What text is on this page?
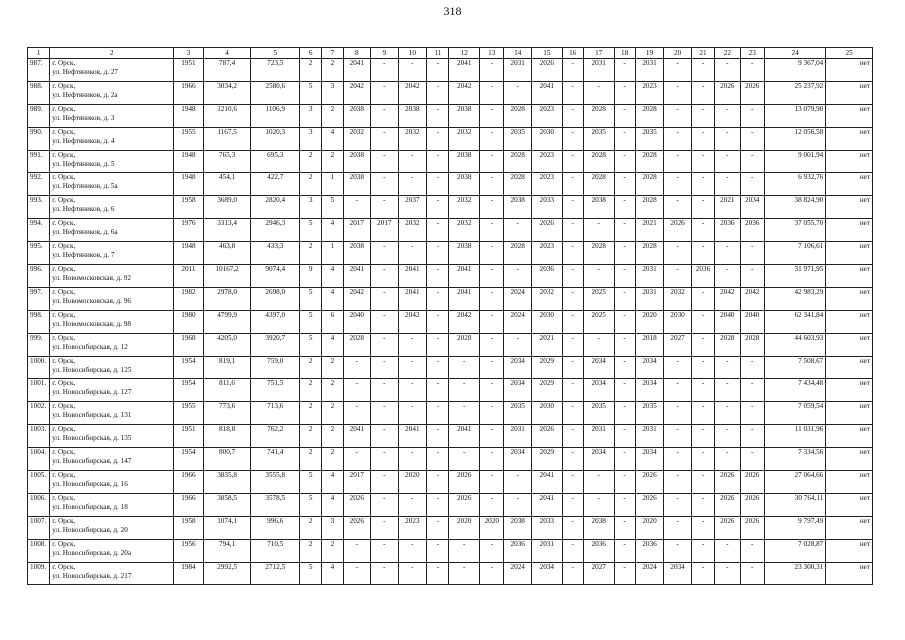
318
1	2	3	4	5	6	7	8	9	10	11	12	13	14	15	16	17	18	19	20	21	22	23	24	25
987.	г. Орск,
ул. Нефтяников, д. 27	1951	787,4	723,5	2	2	2041	-	-	-	2041	-	2031	2026	-	2031	-	2031	-	-	-	-	9 367,04	нет
988.	г. Орск,
ул. Нефтяников, д. 2а	1966	3034,2	2580,6	5	3	2042	-	2042	-	2042	-	-	2041	-	-	-	2023	-	-	2026	2026	25 237,92	нет
989.	г. Орск,
ул. Нефтяников, д. 3	1948	1210,6	1106,9	3	2	2038	-	2038	-	2038	-	2028	2023	-	2028	-	2028	-	-	-	-	13 079,90	нет
990.	г. Орск,
ул. Нефтяников, д. 4	1955	1167,5	1020,3	3	4	2032	-	2032	-	2032	-	2035	2030	-	2035	-	2035	-	-	-	-	12 056,58	нет
991.	г. Орск,
ул. Нефтяников, д. 5	1948	765,3	695,3	2	2	2038	-	-	-	2038	-	2028	2023	-	2028	-	2028	-	-	-	-	9 001,94	нет
992.	г. Орск,
ул. Нефтяников, д. 5а	1948	454,1	422,7	2	1	2038	-	-	-	2038	-	2028	2023	-	2028	-	2028	-	-	-	-	6 932,76	нет
993.	г. Орск,
ул. Нефтяников, д. 6	1958	3689,0	2820,4	3	5	-	-	2037	-	2032	-	2038	2033	-	2038	-	2028	-	-	2021	2034	38 824,90	нет
994.	г. Орск,
ул. Нефтяников, д. 6а	1976	3313,4	2946,3	5	4	2017	2017	2032	-	2032	-	-	2026	-	-	-	2021	2026	-	2036	2036	37 055,70	нет
995.	г. Орск,
ул. Нефтяников, д. 7	1948	463,8	433,3	2	1	2038	-	-	-	2038	-	2028	2023	-	2028	-	2028	-	-	-	-	7 106,61	нет
996.	г. Орск,
ул. Новомосковская, д. 92	2011	10167,2	9074,4	9	4	2041	-	2041	-	2041	-	-	2036	-	-	-	2031	-	2036	-	-	31 971,95	нет
997.	г. Орск,
ул. Новомосковская, д. 96	1982	2978,0	2698,0	5	4	2042	-	2041	-	2041	-	2024	2032	-	2025	-	2031	2032	-	2042	2042	42 983,29	нет
998.	г. Орск,
ул. Новомосковская, д. 98	1980	4799,9	4397,0	5	6	2040	-	2042	-	2042	-	2024	2030	-	2025	-	2020	2030	-	2040	2040	62 341,84	нет
999.	г. Орск,
ул. Новосибирская, д. 12	1968	4205,0	3920,7	5	4	2028	-	-	-	2028	-	-	2021	-	-	-	2018	2027	-	2028	2028	44 603,93	нет
1000.	г. Орск,
ул. Новосибирская, д. 125	1954	819,1	759,0	2	2	-	-	-	-	-	-	2034	2029	-	2034	-	2034	-	-	-	-	7 508,67	нет
1001.	г. Орск,
ул. Новосибирская, д. 127	1954	811,6	751,5	2	2	-	-	-	-	-	-	2034	2029	-	2034	-	2034	-	-	-	-	7 434,48	нет
1002.	г. Орск,
ул. Новосибирская, д. 131	1955	773,6	713,6	2	2	-	-	-	-	-	-	2035	2030	-	2035	-	2035	-	-	-	-	7 059,54	нет
1003.	г. Орск,
ул. Новосибирская, д. 135	1951	818,8	762,2	2	2	2041	-	2041	-	2041	-	2031	2026	-	2031	-	2031	-	-	-	-	11 031,96	нет
1004.	г. Орск,
ул. Новосибирская, д. 147	1954	800,7	741,4	2	2	-	-	-	-	-	-	2034	2029	-	2034	-	2034	-	-	-	-	7 334,56	нет
1005.	г. Орск,
ул. Новосибирская, д. 16	1966	3835,8	3555,8	5	4	2017	-	2020	-	2026	-	-	2041	-	-	-	2026	-	-	2026	2026	27 064,66	нет
1006.	г. Орск,
ул. Новосибирская, д. 18	1966	3858,5	3578,5	5	4	2026	-	-	-	2026	-	-	2041	-	-	-	2026	-	-	2026	2026	30 764,11	нет
1007.	г. Орск,
ул. Новосибирская, д. 20	1958	1074,1	996,6	2	3	2026	-	2023	-	2020	2020	2038	2033	-	2038	-	2020	-	-	2026	2026	9 797,49	нет
1008.	г. Орск,
ул. Новосибирская, д. 20а	1956	794,1	710,5	2	2	-	-	-	-	-	-	2036	2031	-	2036	-	2036	-	-	-	-	7 028,87	нет
1009.	г. Орск,
ул. Новосибирская, д. 217	1984	2992,5	2712,5	5	4	-	-	-	-	-	-	2024	2034	-	2027	-	2024	2034	-	-	-	23 300,31	нет
